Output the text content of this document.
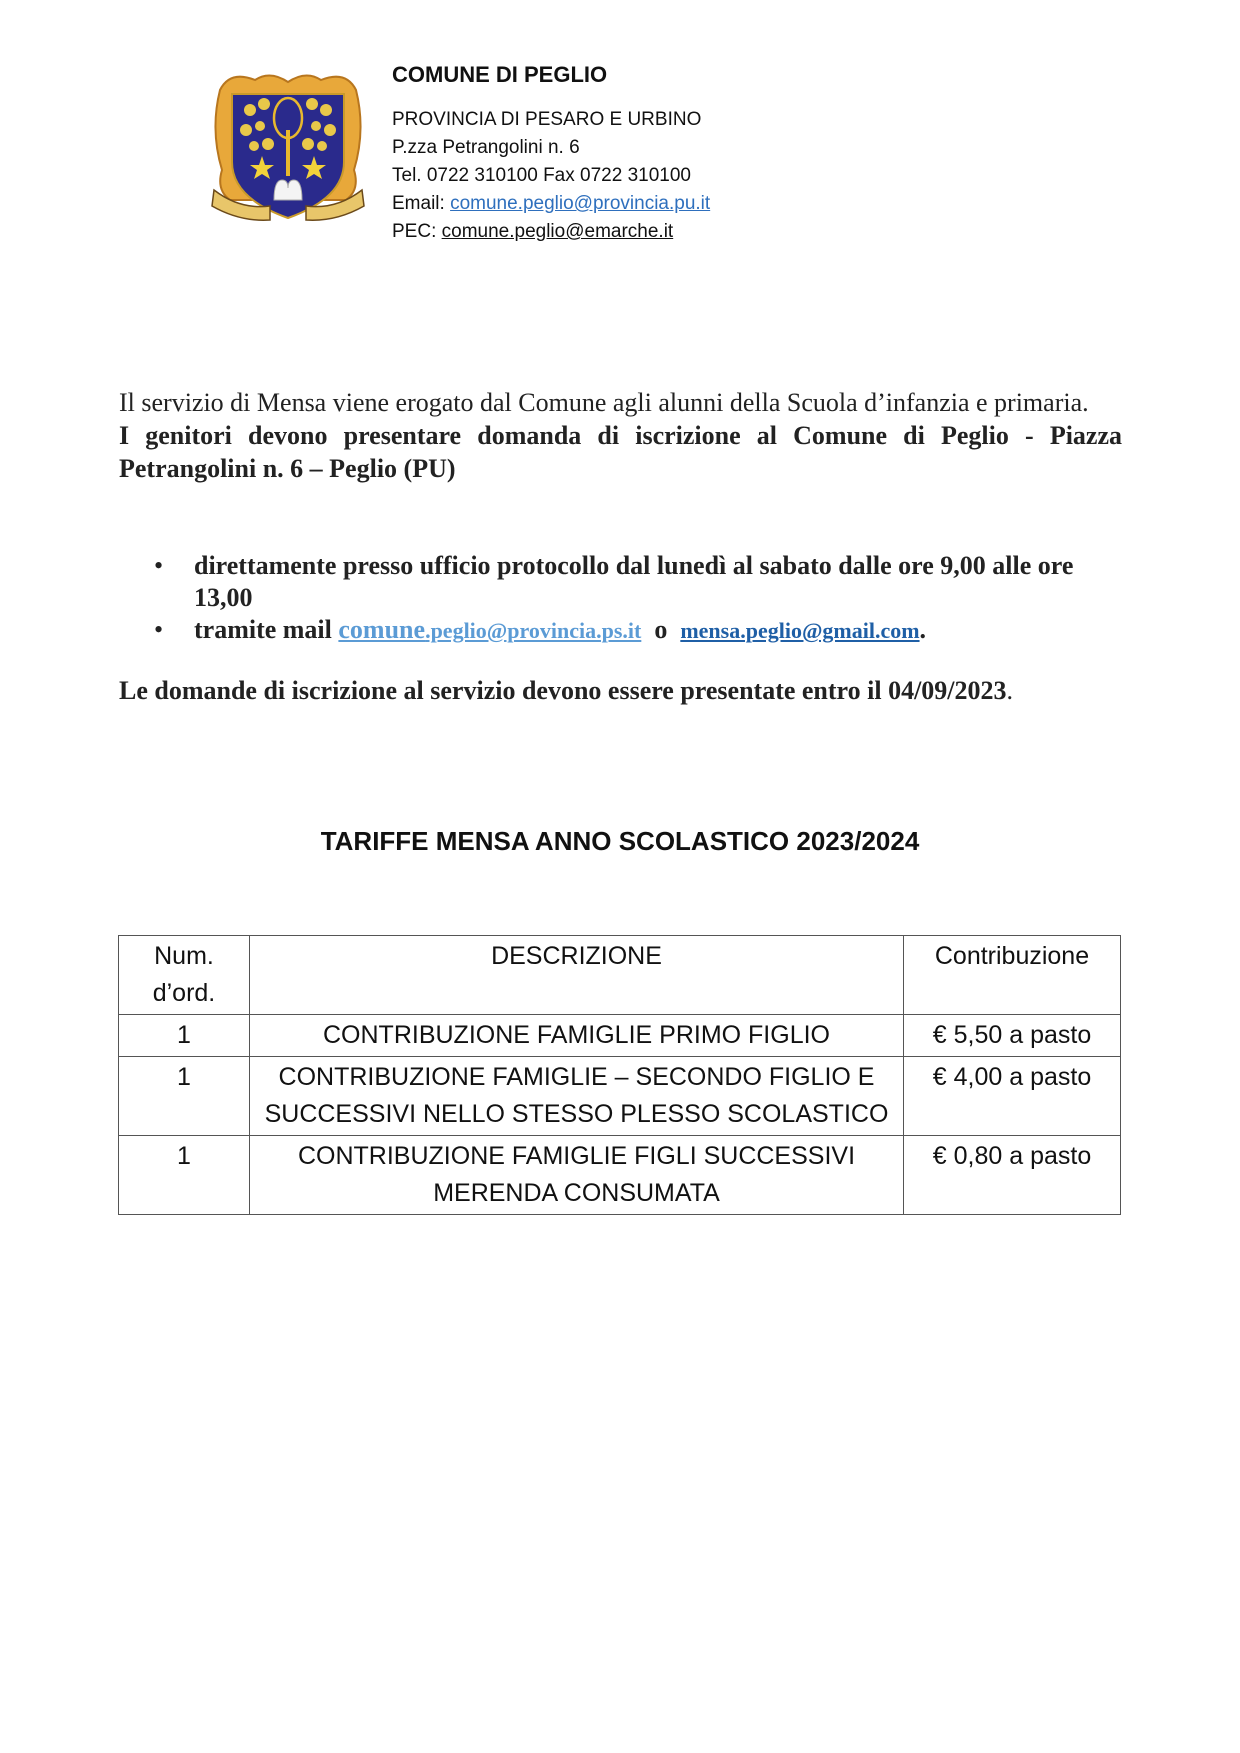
COMUNE DI PEGLIO
PROVINCIA DI PESARO E URBINO
P.zza Petrangolini n. 6
Tel. 0722 310100 Fax 0722 310100
Email: comune.peglio@provincia.pu.it
PEC: comune.peglio@emarche.it
Il servizio di Mensa viene erogato dal Comune agli alunni della Scuola d’infanzia e primaria.
I genitori devono presentare domanda di iscrizione al Comune di Peglio - Piazza Petrangolini n. 6 – Peglio (PU)
• direttamente presso ufficio protocollo dal lunedì al sabato dalle ore 9,00 alle ore 13,00
• tramite mail comune.peglio@provincia.ps.it  o  mensa.peglio@gmail.com.
Le domande di iscrizione al servizio devono essere presentate entro il 04/09/2023.
TARIFFE MENSA ANNO SCOLASTICO 2023/2024
Num. d’ord.	DESCRIZIONE	Contribuzione
1	CONTRIBUZIONE FAMIGLIE PRIMO FIGLIO	€ 5,50 a pasto
1	CONTRIBUZIONE FAMIGLIE – SECONDO FIGLIO E SUCCESSIVI NELLO STESSO PLESSO SCOLASTICO	€ 4,00 a pasto
1	CONTRIBUZIONE FAMIGLIE FIGLI SUCCESSIVI MERENDA CONSUMATA	€ 0,80 a pasto
